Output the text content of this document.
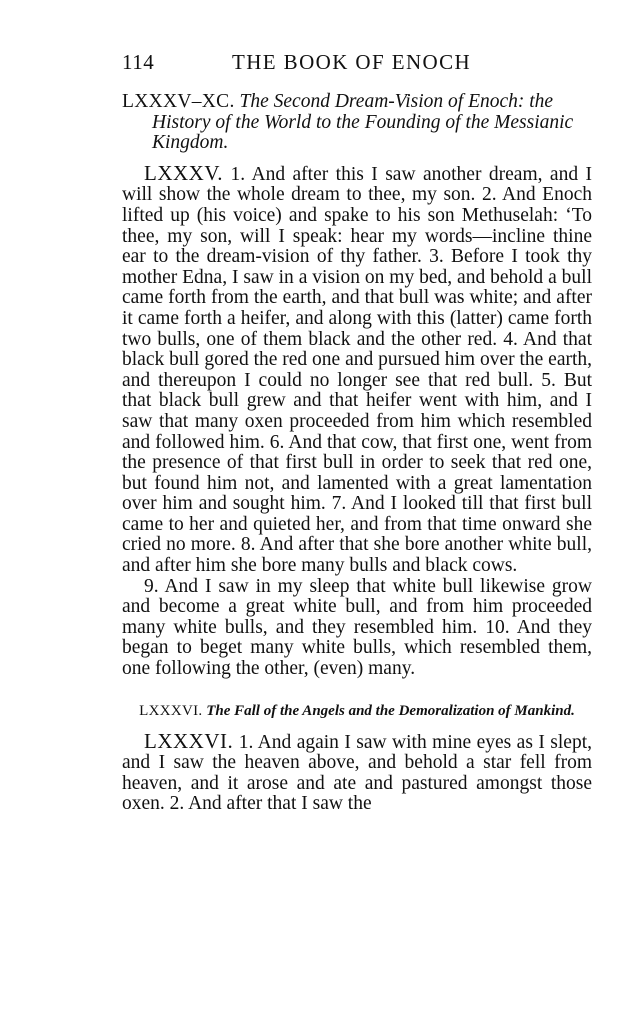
114	THE BOOK OF ENOCH

LXXXV–XC. The Second Dream-Vision of Enoch: the History of the World to the Founding of the Messianic Kingdom.

LXXXV. 1. And after this I saw another dream, and I will show the whole dream to thee, my son. 2. And Enoch lifted up (his voice) and spake to his son Methuselah: ‘To thee, my son, will I speak: hear my words—incline thine ear to the dream-vision of thy father. 3. Before I took thy mother Edna, I saw in a vision on my bed, and behold a bull came forth from the earth, and that bull was white; and after it came forth a heifer, and along with this (latter) came forth two bulls, one of them black and the other red. 4. And that black bull gored the red one and pursued him over the earth, and thereupon I could no longer see that red bull. 5. But that black bull grew and that heifer went with him, and I saw that many oxen proceeded from him which resembled and followed him. 6. And that cow, that first one, went from the presence of that first bull in order to seek that red one, but found him not, and lamented with a great lamentation over him and sought him. 7. And I looked till that first bull came to her and quieted her, and from that time onward she cried no more. 8. And after that she bore another white bull, and after him she bore many bulls and black cows.

9. And I saw in my sleep that white bull likewise grow and become a great white bull, and from him proceeded many white bulls, and they resembled him. 10. And they began to beget many white bulls, which resembled them, one following the other, (even) many.

LXXXVI. The Fall of the Angels and the Demoralization of Mankind.

LXXXVI. 1. And again I saw with mine eyes as I slept, and I saw the heaven above, and behold a star fell from heaven, and it arose and ate and pastured amongst those oxen. 2. And after that I saw the
